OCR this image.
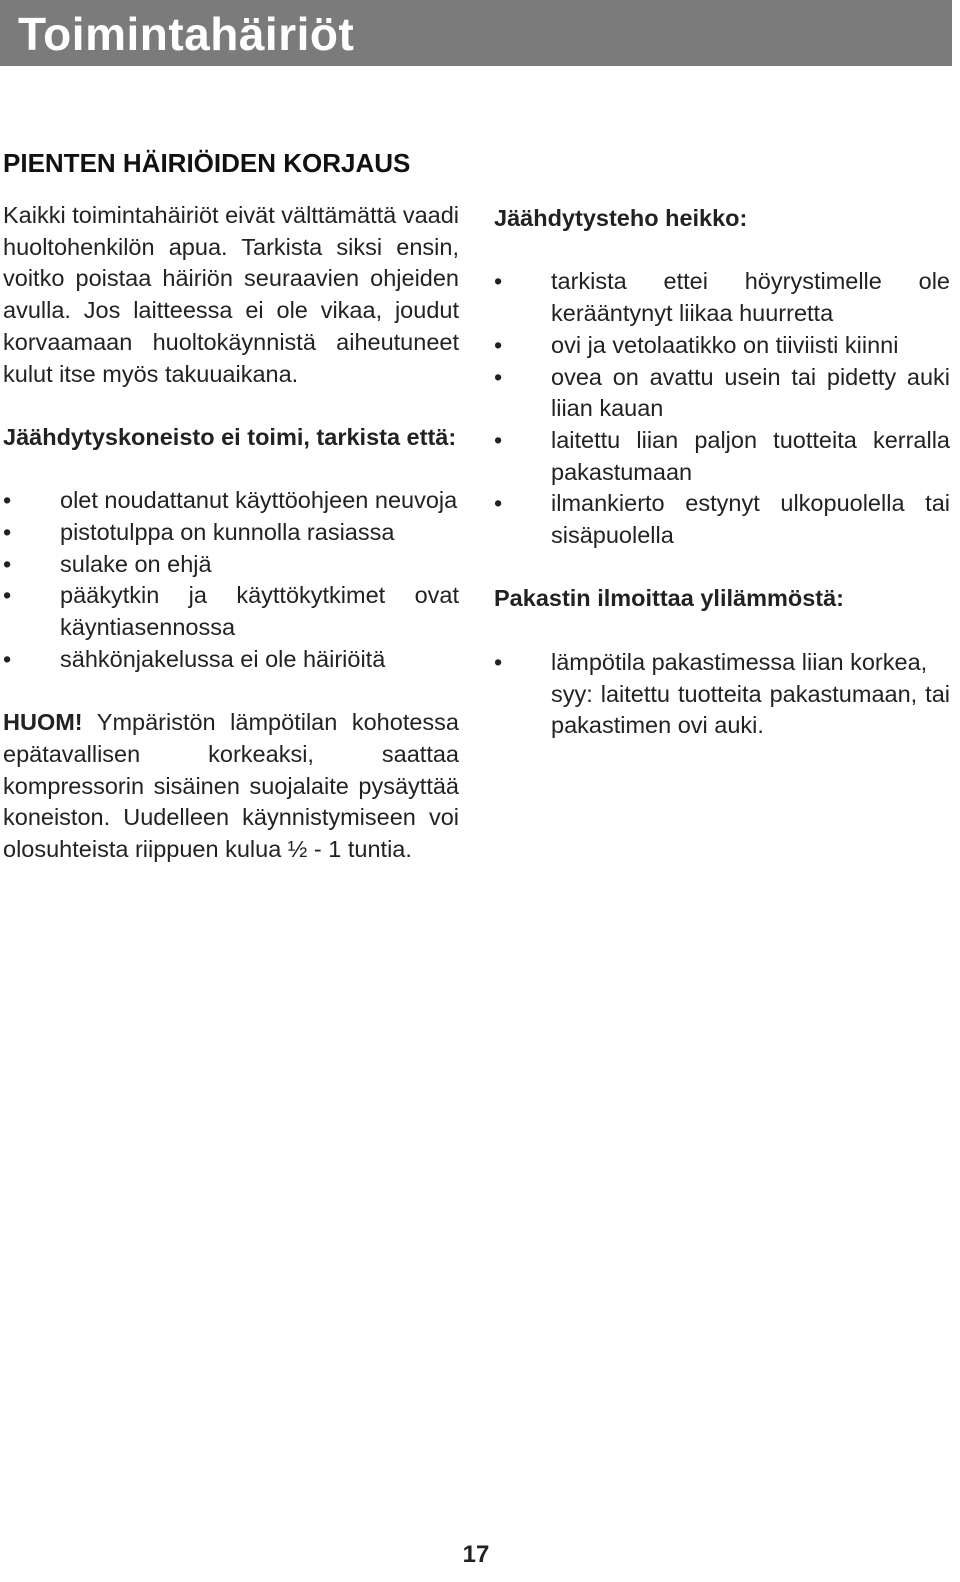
Toimintahäiriöt
PIENTEN HÄIRIÖIDEN KORJAUS

Kaikki toimintahäiriöt eivät välttämättä vaadi huoltohenkilön apua. Tarkista siksi ensin, voitko poistaa häiriön seuraavien ohjeiden avulla. Jos laitteessa ei ole vikaa, joudut korvaamaan huoltokäynnistä aiheutuneet kulut itse myös takuuaikana.

Jäähdytyskoneisto ei toimi, tarkista että:

•	olet noudattanut käyttöohjeen neuvoja
•	pistotulppa on kunnolla rasiassa
•	sulake on ehjä
•	pääkytkin ja käyttökytkimet ovat käyntiasennossa
•	sähkönjakelussa ei ole häiriöitä

HUOM! Ympäristön lämpötilan kohotessa epätavallisen korkeaksi, saattaa kompressorin sisäinen suojalaite pysäyttää koneiston. Uudelleen käynnistymiseen voi olosuhteista riippuen kulua ½ - 1 tuntia.

Jäähdytysteho heikko:

•	tarkista ettei höyrystimelle ole kerääntynyt liikaa huurretta
•	ovi ja vetolaatikko on tiiviisti kiinni
•	ovea on avattu usein tai pidetty auki liian kauan
•	laitettu liian paljon tuotteita kerralla pakastumaan
•	ilmankierto estynyt ulkopuolella tai sisäpuolella

Pakastin ilmoittaa ylilämmöstä:

•	lämpötila pakastimessa liian korkea,
syy: laitettu tuotteita pakastumaan, tai pakastimen ovi auki.
17
